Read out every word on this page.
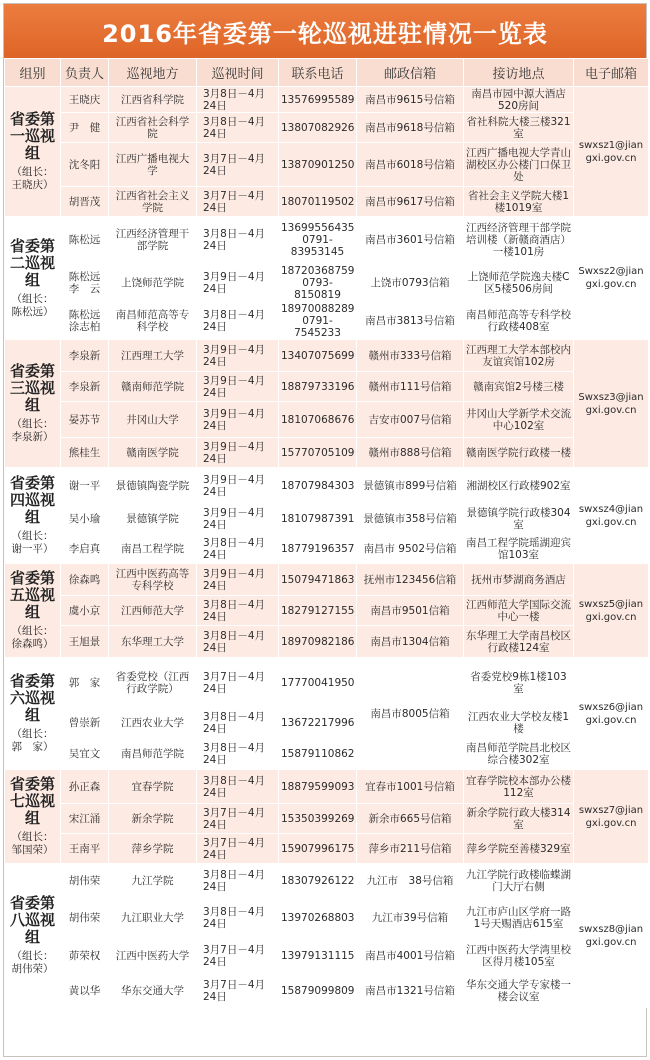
2016年省委第一轮巡视进驻情况一览表
组别	负责人	巡视地方	巡视时间	联系电话	邮政信箱	接访地点	电子邮箱
省委第一巡视组
（组长：王晓庆）	王晓庆	江西省科学院	3月8日－4月24日	13576995589	南昌市9615号信箱	南昌市园中源大酒店520房间	swxsz1@jiangxi.gov.cn
	尹　健	江西省社会科学院	3月8日－4月24日	13807082926	南昌市9618号信箱	省社科院大楼三楼321室	
	沈冬阳	江西广播电视大学	3月7日－4月24日	13870901250	南昌市6018号信箱	江西广播电视大学青山湖校区办公楼门口保卫处	
	胡晋茂	江西省社会主义学院	3月7日－4月24日	18070119502	南昌市9617号信箱	省社会主义学院大楼1楼1019室	
省委第二巡视组
（组长：陈松远）	陈松远	江西经济管理干部学院	3月8日－4月24日	13699556435 0791-83953145	南昌市3601号信箱	江西经济管理干部学院培训楼（新赣商酒店）一楼101房	Swxsz2@jiangxi.gov.cn
	陈松远 李　云	上饶师范学院	3月9日－4月24日	18720368759 0793-8150819	上饶市0793信箱	上饶师范学院逸夫楼C区5楼506房间	
	陈松远 涂志柏	南昌师范高等专科学校	3月8日－4月24日	18970088289 0791-7545233	南昌市3813号信箱	南昌师范高等专科学校行政楼408室	
省委第三巡视组
（组长：李泉新）	李泉新	江西理工大学	3月9日－4月24日	13407075699	赣州市333号信箱	江西理工大学本部校内友谊宾馆102房	Swxsz3@jiangxi.gov.cn
	李泉新	赣南师范学院	3月9日－4月24日	18879733196	赣州市111号信箱	赣南宾馆2号楼三楼	
	晏苏节	井冈山大学	3月9日－4月24日	18107068676	吉安市007号信箱	井冈山大学新学术交流中心102室	
	熊桂生	赣南医学院	3月9日－4月24日	15770705109	赣州市888号信箱	赣南医学院行政楼一楼	
省委第四巡视组
（组长：谢一平）	谢一平	景德镇陶瓷学院	3月9日－4月24日	18707984303	景德镇市899号信箱	湘湖校区行政楼902室	swxsz4@jiangxi.gov.cn
	吴小瑜	景德镇学院	3月9日－4月24日	18107987391	景德镇市358号信箱	景德镇学院行政楼304室	
	李启真	南昌工程学院	3月8日－4月24日	18779196357	南昌市 9502号信箱	南昌工程学院瑶湖迎宾馆103室	
省委第五巡视组
（组长：徐森鸣）	徐森鸣	江西中医药高等专科学校	3月9日－4月24日	15079471863	抚州市123456信箱	抚州市梦湖商务酒店	swxsz5@jiangxi.gov.cn
	虞小京	江西师范大学	3月8日－4月24日	18279127155	南昌市9501信箱	江西师范大学国际交流中心一楼	
	王旭景	东华理工大学	3月8日－4月24日	18970982186	南昌市1304信箱	东华理工大学南昌校区行政楼124室	
省委第六巡视组
（组长：郭　家）	郭　家	省委党校（江西行政学院）	3月7日－4月24日	17770041950	南昌市8005信箱	省委党校9栋1楼103室	swxsz6@jiangxi.gov.cn
	曾崇新	江西农业大学	3月8日－4月24日	13672217996		江西农业大学校友楼1楼	
	吴宜文	南昌师范学院	3月8日－4月24日	15879110862		南昌师范学院昌北校区综合楼302室	
省委第七巡视组
（组长：邹国荣）	孙正森	宜春学院	3月8日－4月24日	18879599093	宜春市1001号信箱	宜春学院校本部办公楼112室	swxsz7@jiangxi.gov.cn
	宋江涌	新余学院	3月7日－4月24日	15350399269	新余市665号信箱	新余学院行政大楼314室	
	王南平	萍乡学院	3月7日－4月24日	15907996175	萍乡市211号信箱	萍乡学院至善楼329室	
省委第八巡视组
（组长：胡伟荣）	胡伟荣	九江学院	3月8日－4月24日	18307926122	九江市　38号信箱	九江学院行政楼临蝶湖门大厅右侧	swxsz8@jiangxi.gov.cn
	胡伟荣	九江职业大学	3月8日－4月24日	13970268803	九江市39号信箱	九江市庐山区学府一路1号天赐酒店615室	
	茆荣权	江西中医药大学	3月7日－4月24日	13979131115	南昌市4001号信箱	江西中医药大学湾里校区得月楼105室	
	黄以华	华东交通大学	3月7日－4月24日	15879099809	南昌市1321号信箱	华东交通大学专家楼一楼会议室	
